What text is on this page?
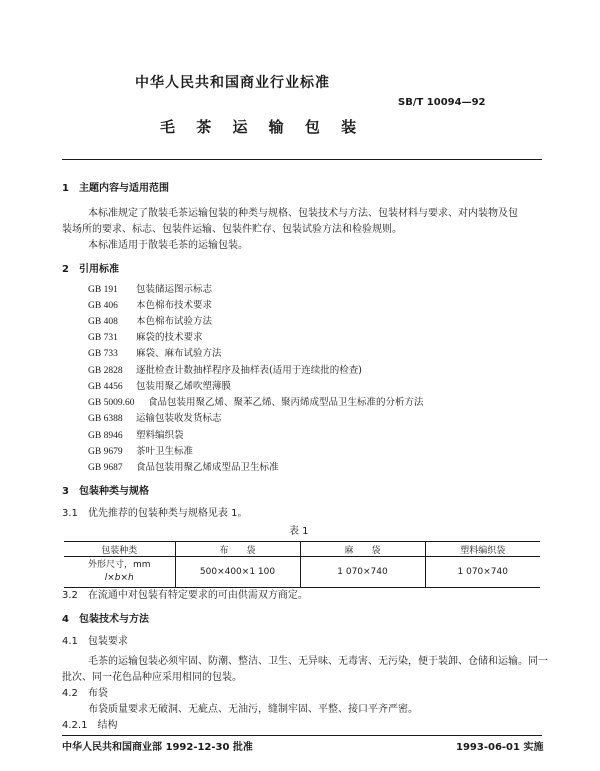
中华人民共和国商业行业标准
SB/T 10094—92
毛 茶 运 输 包 装
1　主题内容与适用范围
本标准规定了散装毛茶运输包装的种类与规格、包装技术与方法、包装材料与要求、对内装物及包
装场所的要求、标志、包装件运输、包装件贮存、包装试验方法和检验规则。
本标准适用于散装毛茶的运输包装。
2　引用标准
GB 191 包装储运图示标志
GB 406 本色棉布技术要求
GB 408 本色棉布试验方法
GB 731 麻袋的技术要求
GB 733 麻袋、麻布试验方法
GB 2828 逐批检查计数抽样程序及抽样表(适用于连续批的检查)
GB 4456 包装用聚乙烯吹塑薄膜
GB 5009.60 食品包装用聚乙烯、聚苯乙烯、聚丙烯成型品卫生标准的分析方法
GB 6388 运输包装收发货标志
GB 8946 塑料编织袋
GB 9679 茶叶卫生标准
GB 9687 食品包装用聚乙烯成型品卫生标准
3　包装种类与规格
3.1　优先推荐的包装种类与规格见表 1。
表 1
包装种类	布　　袋	麻　　袋	塑料编织袋

外形尺寸，mm
l×b×h	500×400×1 100	1 070×740	1 070×740
3.2　在流通中对包装有特定要求的可由供需双方商定。
4　包装技术与方法
4.1　包装要求
毛茶的运输包装必须牢固、防潮、整洁、卫生、无异味、无毒害、无污染，便于装卸、仓储和运输。同一
批次、同一花色品种应采用相同的包装。
4.2　布袋
布袋质量要求无破洞、无疵点、无油污，缝制牢固、平整、接口平齐严密。
4.2.1　结构
中华人民共和国商业部 1992-12-30 批准	1993-06-01 实施
